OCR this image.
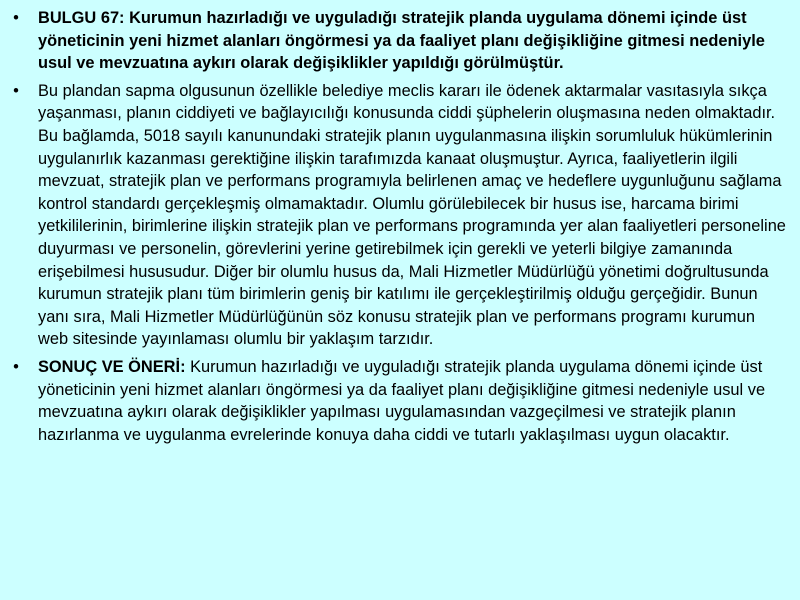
• BULGU 67: Kurumun hazırladığı ve uyguladığı stratejik planda uygulama dönemi içinde üst yöneticinin yeni hizmet alanları öngörmesi ya da faaliyet planı değişikliğine gitmesi nedeniyle usul ve mevzuatına aykırı olarak değişiklikler yapıldığı görülmüştür.
• Bu plandan sapma olgusunun özellikle belediye meclis kararı ile ödenek aktarmalar vasıtasıyla sıkça yaşanması, planın ciddiyeti ve bağlayıcılığı konusunda ciddi şüphelerin oluşmasına neden olmaktadır. Bu bağlamda, 5018 sayılı kanunundaki stratejik planın uygulanmasına ilişkin sorumluluk hükümlerinin uygulanırlık kazanması gerektiğine ilişkin tarafımızda kanaat oluşmuştur. Ayrıca, faaliyetlerin ilgili mevzuat, stratejik plan ve performans programıyla belirlenen amaç ve hedeflere uygunluğunu sağlama kontrol standardı gerçekleşmiş olmamaktadır. Olumlu görülebilecek bir husus ise, harcama birimi yetkililerinin, birimlerine ilişkin stratejik plan ve performans programında yer alan faaliyetleri personeline duyurması ve personelin, görevlerini yerine getirebilmek için gerekli ve yeterli bilgiye zamanında erişebilmesi hususudur. Diğer bir olumlu husus da, Mali Hizmetler Müdürlüğü yönetimi doğrultusunda kurumun stratejik planı tüm birimlerin geniş bir katılımı ile gerçekleştirilmiş olduğu gerçeğidir. Bunun yanı sıra, Mali Hizmetler Müdürlüğünün söz konusu stratejik plan ve performans programı kurumun web sitesinde yayınlaması olumlu bir yaklaşım tarzıdır.
• SONUÇ VE ÖNERİ: Kurumun hazırladığı ve uyguladığı stratejik planda uygulama dönemi içinde üst yöneticinin yeni hizmet alanları öngörmesi ya da faaliyet planı değişikliğine gitmesi nedeniyle usul ve mevzuatına aykırı olarak değişiklikler yapılması uygulamasından vazgeçilmesi ve stratejik planın hazırlanma ve uygulanma evrelerinde konuya daha ciddi ve tutarlı yaklaşılması uygun olacaktır.
